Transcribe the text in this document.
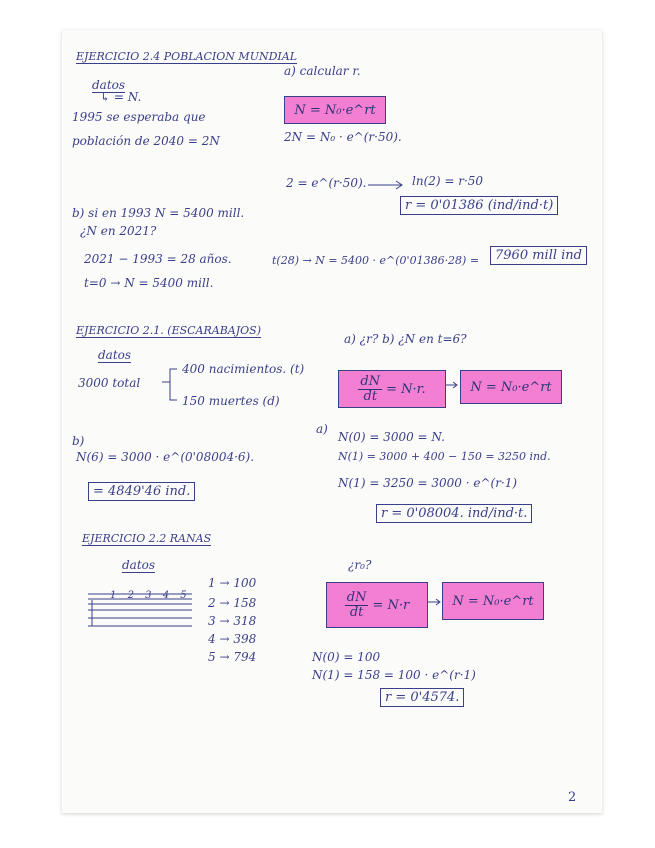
EJERCICIO 2.4 POBLACION MUNDIAL
datos
↳ = N.
1995 se esperaba que
población de 2040 = 2N
a) calcular r.
N = N₀·e^rt
2N = N₀ · e^(r·50).
2 = e^(r·50).	ln(2) = r·50
r = 0'01386 (ind/ind·t)
b) si en 1993 N = 5400 mill.
¿N en 2021?
2021 − 1993 = 28 años.
t=0 → N = 5400 mill.
t(28) → N = 5400 · e^(0'01386·28) =	7960 mill ind
EJERCICIO 2.1. (ESCARABAJOS)
datos
3000 total
400 nacimientos. (t)
150 muertes (d)
a) ¿r? b) ¿N en t=6?
$\frac{dN}{dt} = N\cdot r$.	N = N₀·e^rt
b)
N(6) = 3000 · e^(0'08004·6).
= 4849'46 ind.
a)
N(0) = 3000 = N.
N(1) = 3000 + 400 − 150 = 3250 ind.
N(1) = 3250 = 3000 · e^(r·1)
r = 0'08004. ind/ind·t.
EJERCICIO 2.2 RANAS
datos
1 2 3 4 5
1 → 100
2 → 158
3 → 318
4 → 398
5 → 794
¿r₀?
$\frac{dN}{dt} = N\cdot r$	N = N₀·e^rt
N(0) = 100
N(1) = 158 = 100 · e^(r·1)
r = 0'4574.
2
